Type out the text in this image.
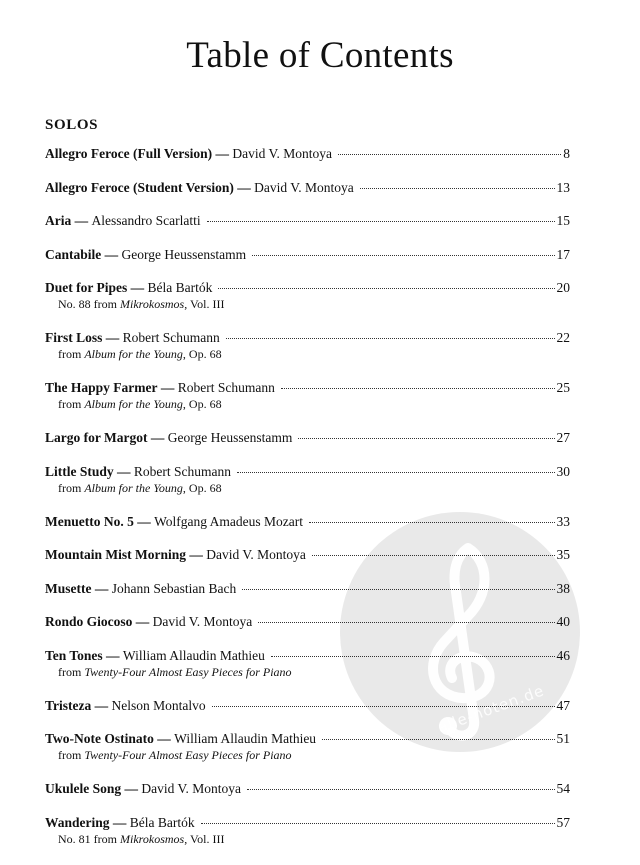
Table of Contents
SOLOS
alle-noten.de
Allegro Feroce (Full Version) — David V. Montoya	8
Allegro Feroce (Student Version) — David V. Montoya	13
Aria — Alessandro Scarlatti	15
Cantabile — George Heussenstamm	17
Duet for Pipes — Béla Bartók	20
No. 88 from Mikrokosmos, Vol. III
First Loss — Robert Schumann	22
from Album for the Young, Op. 68
The Happy Farmer — Robert Schumann	25
from Album for the Young, Op. 68
Largo for Margot — George Heussenstamm	27
Little Study — Robert Schumann	30
from Album for the Young, Op. 68
Menuetto No. 5 — Wolfgang Amadeus Mozart	33
Mountain Mist Morning — David V. Montoya	35
Musette — Johann Sebastian Bach	38
Rondo Giocoso — David V. Montoya	40
Ten Tones — William Allaudin Mathieu	46
from Twenty-Four Almost Easy Pieces for Piano
Tristeza — Nelson Montalvo	47
Two-Note Ostinato — William Allaudin Mathieu	51
from Twenty-Four Almost Easy Pieces for Piano
Ukulele Song — David V. Montoya	54
Wandering — Béla Bartók	57
No. 81 from Mikrokosmos, Vol. III
